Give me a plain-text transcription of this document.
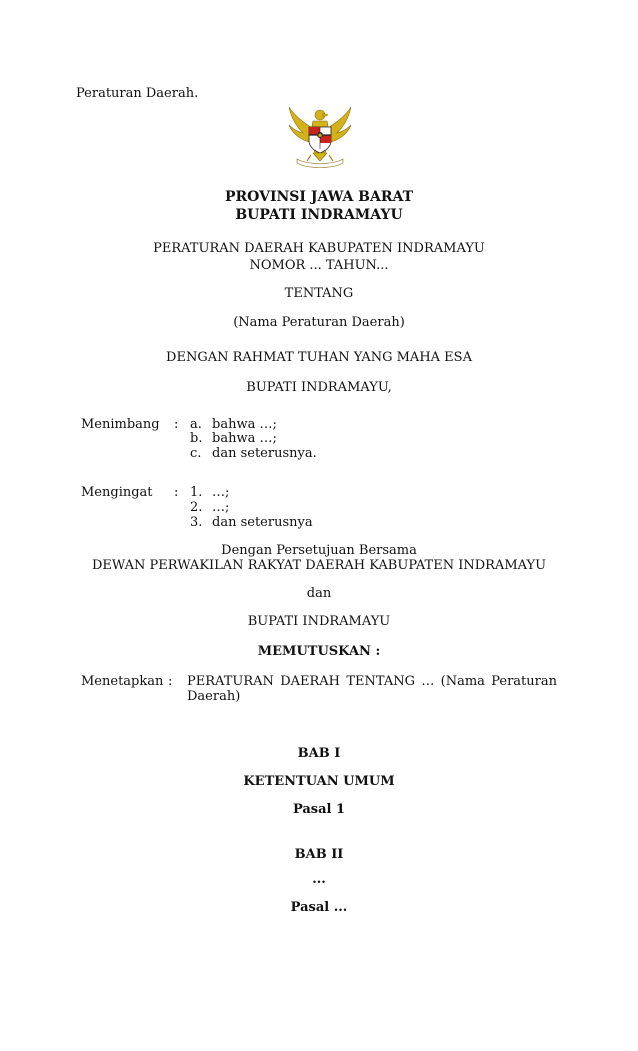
Peraturan Daerah.
PROVINSI JAWA BARAT
BUPATI INDRAMAYU
PERATURAN DAERAH KABUPATEN INDRAMAYU
NOMOR ... TAHUN...
TENTANG
(Nama Peraturan Daerah)
DENGAN RAHMAT TUHAN YANG MAHA ESA
BUPATI INDRAMAYU,
Menimbang : a. bahwa …;
b. bahwa …;
c. dan seterusnya.
Mengingat : 1. …;
2. …;
3. dan seterusnya
Dengan Persetujuan Bersama
DEWAN PERWAKILAN RAKYAT DAERAH KABUPATEN INDRAMAYU
dan
BUPATI INDRAMAYU
MEMUTUSKAN :
Menetapkan : PERATURAN DAERAH TENTANG … (Nama Peraturan
Daerah)
BAB I
KETENTUAN UMUM
Pasal 1
BAB II
...
Pasal ...
